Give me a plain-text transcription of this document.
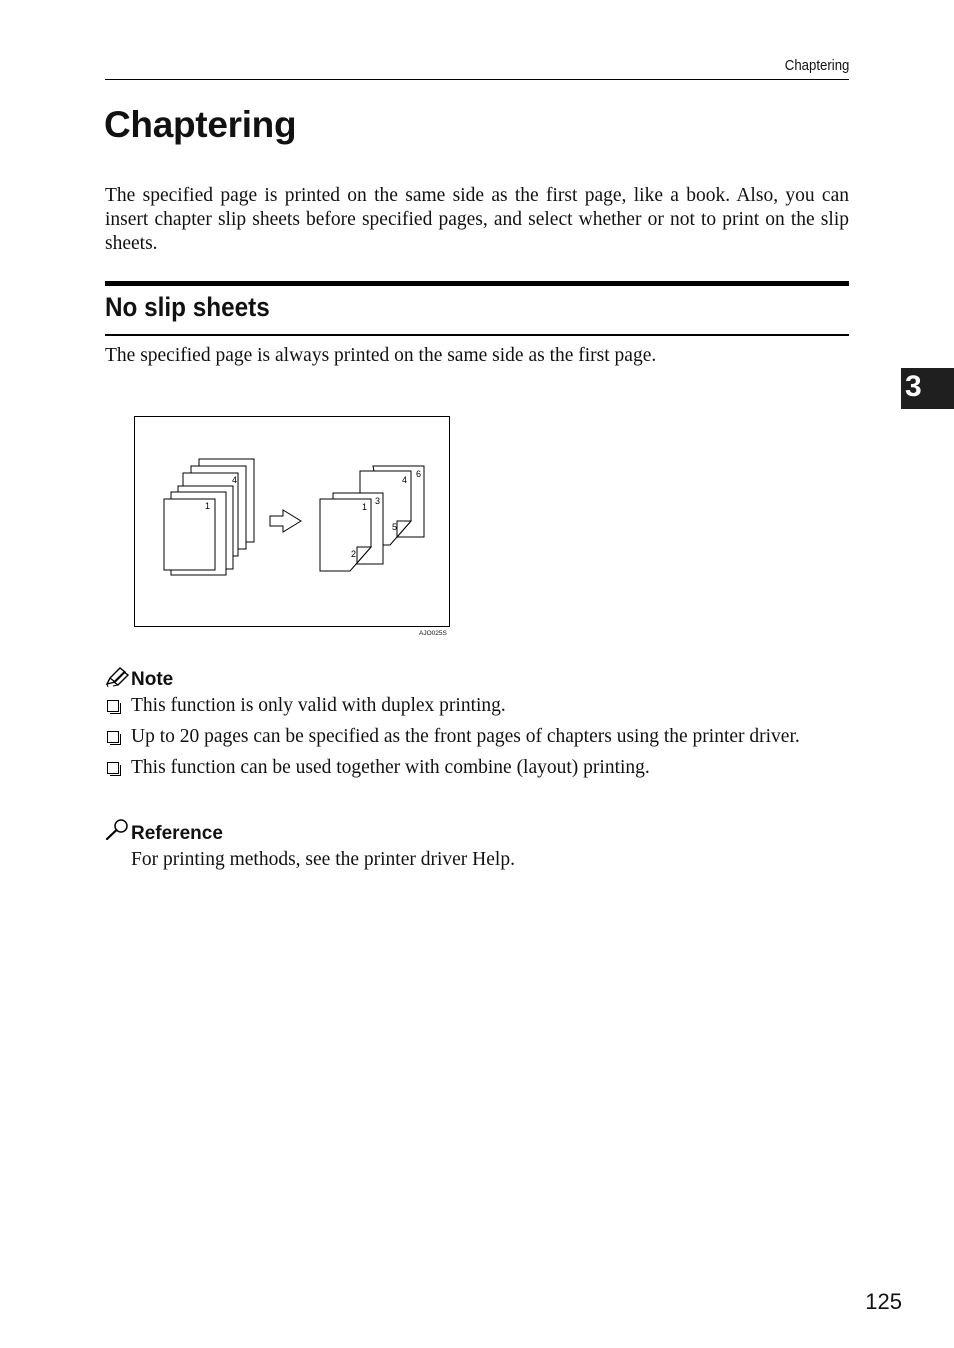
Chaptering
Chaptering

The specified page is printed on the same side as the first page, like a book. Also, you can insert chapter slip sheets before specified pages, and select whether or not to print on the slip sheets.

No slip sheets

The specified page is always printed on the same side as the first page.

3
4
1
6
4
3
1
5
2
AJO025S
Note
This function is only valid with duplex printing.
Up to 20 pages can be specified as the front pages of chapters using the printer driver.
This function can be used together with combine (layout) printing.
Reference

For printing methods, see the printer driver Help.

125
